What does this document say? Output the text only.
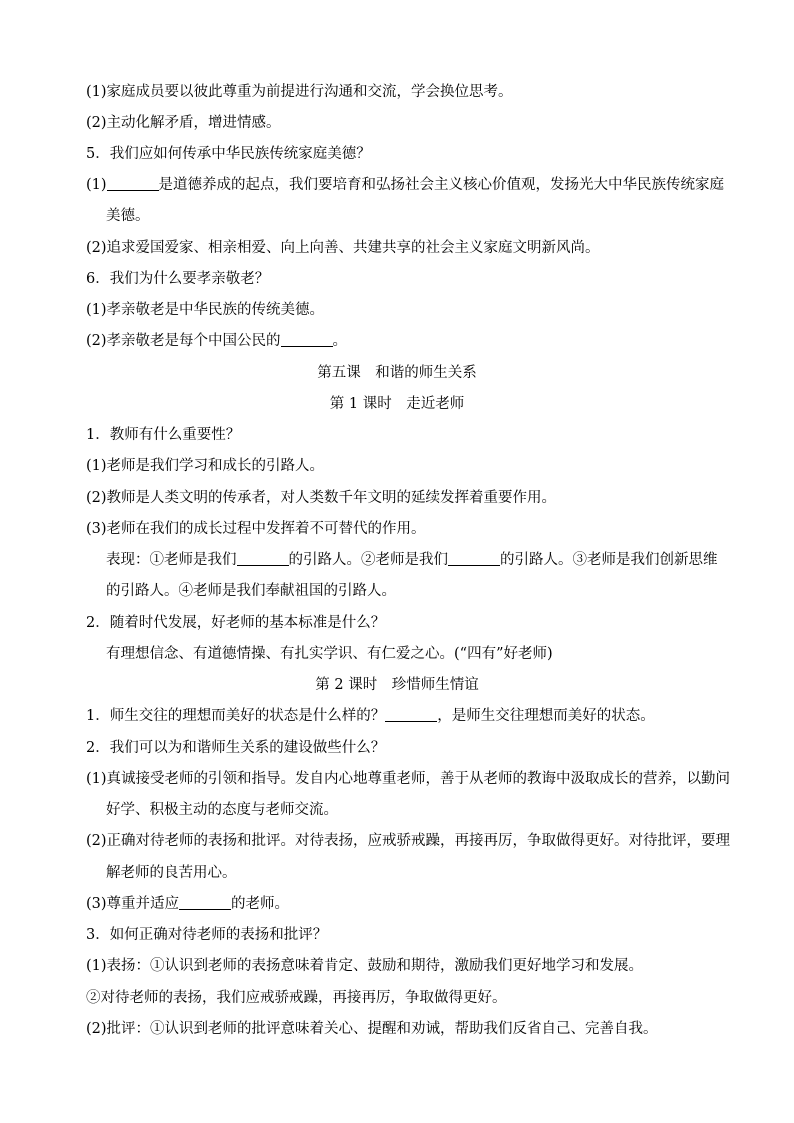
(1)家庭成员要以彼此尊重为前提进行沟通和交流，学会换位思考。
(2)主动化解矛盾，增进情感。
5．我们应如何传承中华民族传统家庭美德？
(1)	是道德养成的起点，我们要培育和弘扬社会主义核心价值观，发扬光大中华民族传统家庭
美德。
(2)追求爱国爱家、相亲相爱、向上向善、共建共享的社会主义家庭文明新风尚。
6．我们为什么要孝亲敬老？
(1)孝亲敬老是中华民族的传统美德。
(2)孝亲敬老是每个中国公民的	。
第五课　和谐的师生关系
第 1 课时　走近老师
1．教师有什么重要性？
(1)老师是我们学习和成长的引路人。
(2)教师是人类文明的传承者，对人类数千年文明的延续发挥着重要作用。
(3)老师在我们的成长过程中发挥着不可替代的作用。
表现：①老师是我们	的引路人。②老师是我们	的引路人。③老师是我们创新思维
的引路人。④老师是我们奉献祖国的引路人。
2．随着时代发展，好老师的基本标准是什么？
有理想信念、有道德情操、有扎实学识、有仁爱之心。(“四有”好老师)
第 2 课时　珍惜师生情谊
1．师生交往的理想而美好的状态是什么样的？	，是师生交往理想而美好的状态。
2．我们可以为和谐师生关系的建设做些什么？
(1)真诚接受老师的引领和指导。发自内心地尊重老师，善于从老师的教诲中汲取成长的营养，以勤问
好学、积极主动的态度与老师交流。
(2)正确对待老师的表扬和批评。对待表扬，应戒骄戒躁，再接再厉，争取做得更好。对待批评，要理
解老师的良苦用心。
(3)尊重并适应	的老师。
3．如何正确对待老师的表扬和批评？
(1)表扬：①认识到老师的表扬意味着肯定、鼓励和期待，激励我们更好地学习和发展。
②对待老师的表扬，我们应戒骄戒躁，再接再厉，争取做得更好。
(2)批评：①认识到老师的批评意味着关心、提醒和劝诫，帮助我们反省自己、完善自我。
